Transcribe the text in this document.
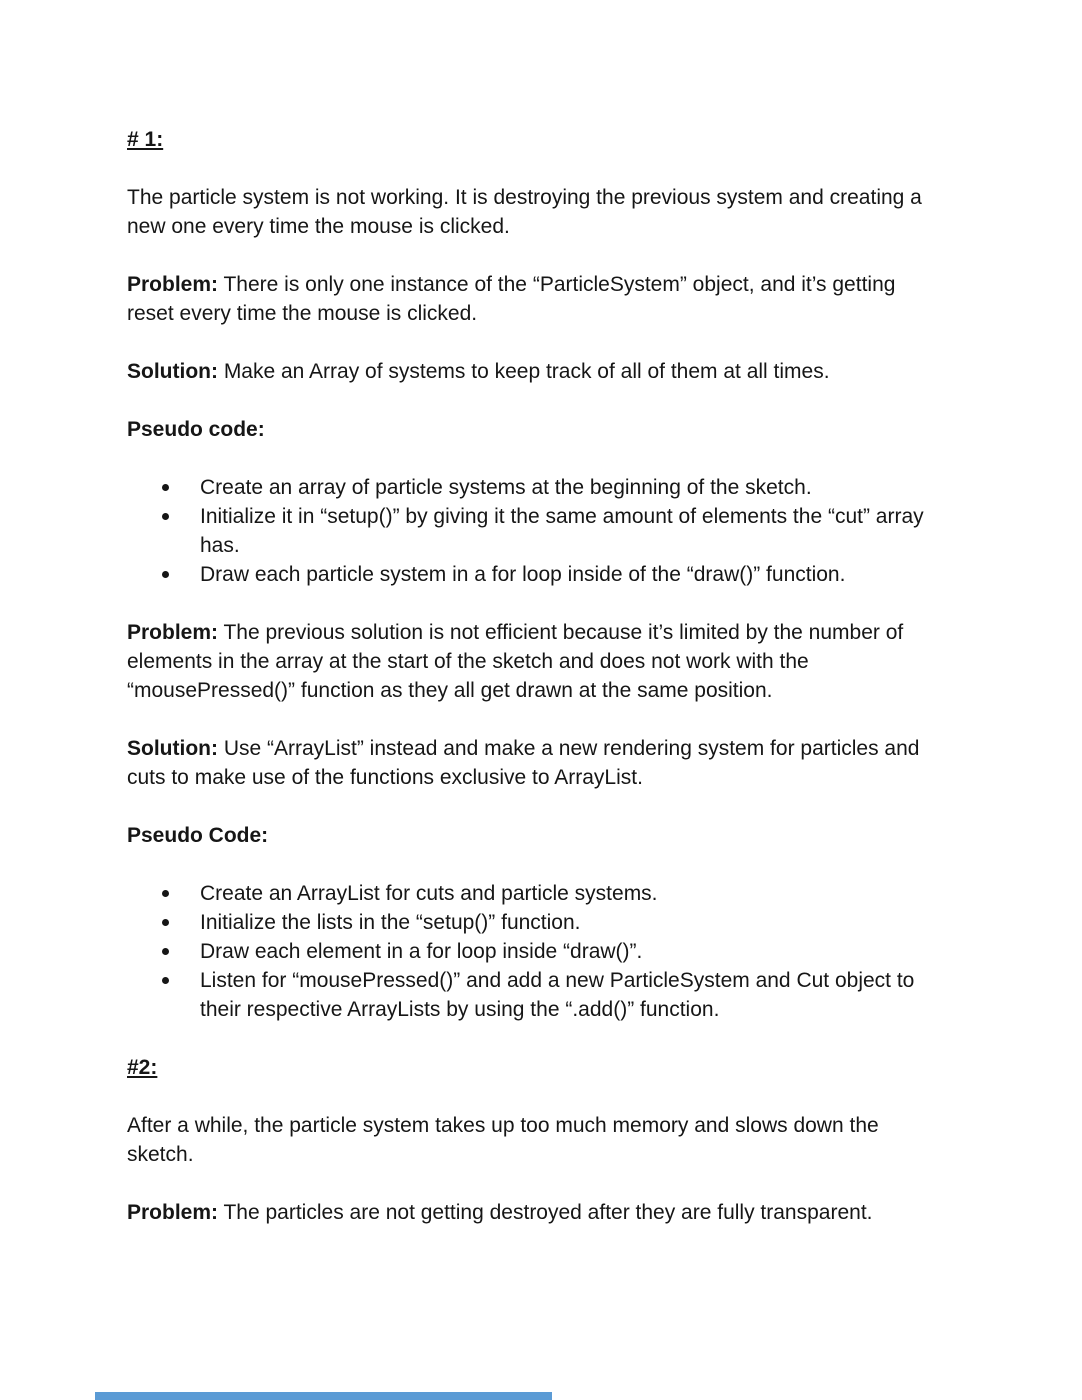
# 1:

The particle system is not working. It is destroying the previous system and creating a new one every time the mouse is clicked.

Problem: There is only one instance of the “ParticleSystem” object, and it’s getting reset every time the mouse is clicked.

Solution: Make an Array of systems to keep track of all of them at all times.

Pseudo code:

Create an array of particle systems at the beginning of the sketch.
Initialize it in “setup()” by giving it the same amount of elements the “cut” array has.
Draw each particle system in a for loop inside of the “draw()” function.

Problem: The previous solution is not efficient because it’s limited by the number of elements in the array at the start of the sketch and does not work with the “mousePressed()” function as they all get drawn at the same position.

Solution: Use “ArrayList” instead and make a new rendering system for particles and cuts to make use of the functions exclusive to ArrayList.

Pseudo Code:

Create an ArrayList for cuts and particle systems.
Initialize the lists in the “setup()” function.
Draw each element in a for loop inside “draw()”.
Listen for “mousePressed()” and add a new ParticleSystem and Cut object to their respective ArrayLists by using the “.add()” function.
#2:

After a while, the particle system takes up too much memory and slows down the sketch.

Problem: The particles are not getting destroyed after they are fully transparent.
